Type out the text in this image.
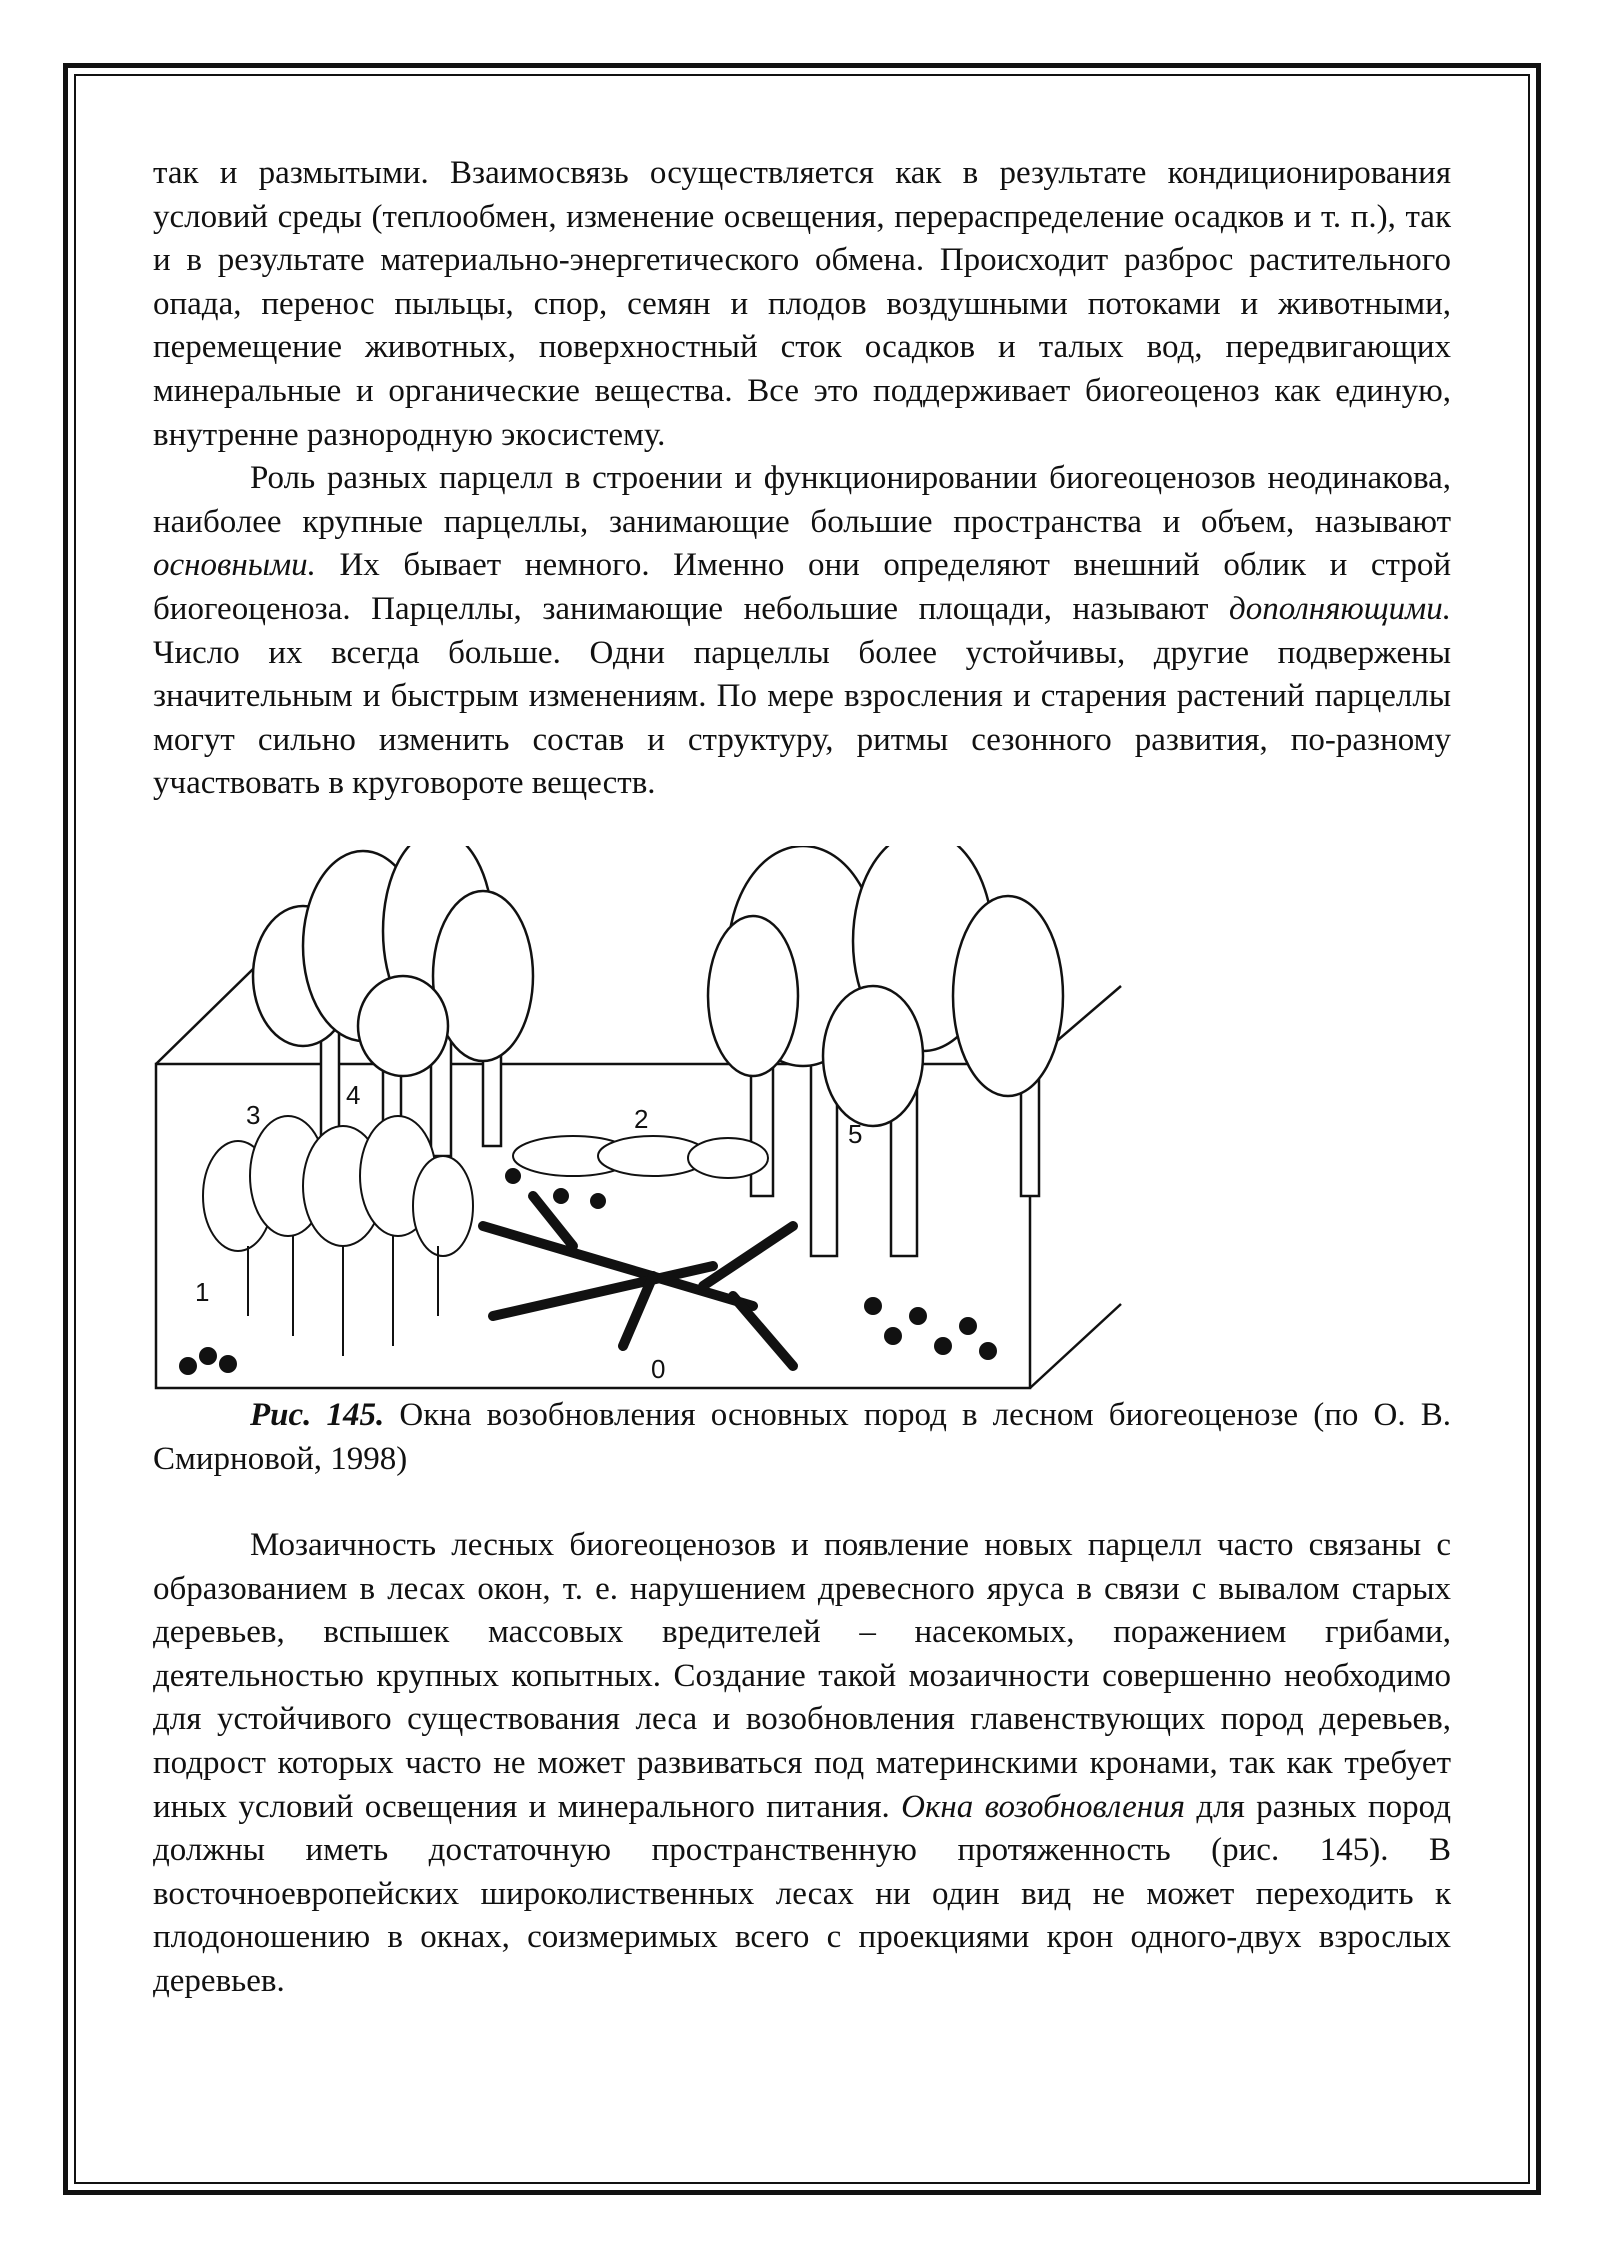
так и размытыми. Взаимосвязь осуществляется как в результате кондиционирования условий среды (теплообмен, изменение освещения, перераспределение осадков и т. п.), так и в результате материально-энергетического обмена. Происходит разброс растительного опада, перенос пыльцы, спор, семян и плодов воздушными потоками и животными, перемещение животных, поверхностный сток осадков и талых вод, передвигающих минеральные и органические вещества. Все это поддерживает биогеоценоз как единую, внутренне разнородную экосистему.

Роль разных парцелл в строении и функционировании биогеоценозов неодинакова, наиболее крупные парцеллы, занимающие большие пространства и объем, называют основными. Их бывает немного. Именно они определяют внешний облик и строй биогеоценоза. Парцеллы, занимающие небольшие площади, называют дополняющими. Число их всегда больше. Одни парцеллы более устойчивы, другие подвержены значительным и быстрым изменениям. По мере взросления и старения растений парцеллы могут сильно изменить состав и структуру, ритмы сезонного развития, по-разному участвовать в круговороте веществ.

1
2
3
4
5
0

Рис. 145. Окна возобновления основных пород в лесном биогеоценозе (по О. В. Смирновой, 1998)

Мозаичность лесных биогеоценозов и появление новых парцелл часто связаны с образованием в лесах окон, т. е. нарушением древесного яруса в связи с вывалом старых деревьев, вспышек массовых вредителей – насекомых, поражением грибами, деятельностью крупных копытных. Создание такой мозаичности совершенно необходимо для устойчивого существования леса и возобновления главенствующих пород деревьев, подрост которых часто не может развиваться под материнскими кронами, так как требует иных условий освещения и минерального питания. Окна возобновления для разных пород должны иметь достаточную пространственную протяженность (рис. 145). В восточноевропейских широколиственных лесах ни один вид не может переходить к плодоношению в окнах, соизмеримых всего с проекциями крон одного-двух взрослых деревьев.
